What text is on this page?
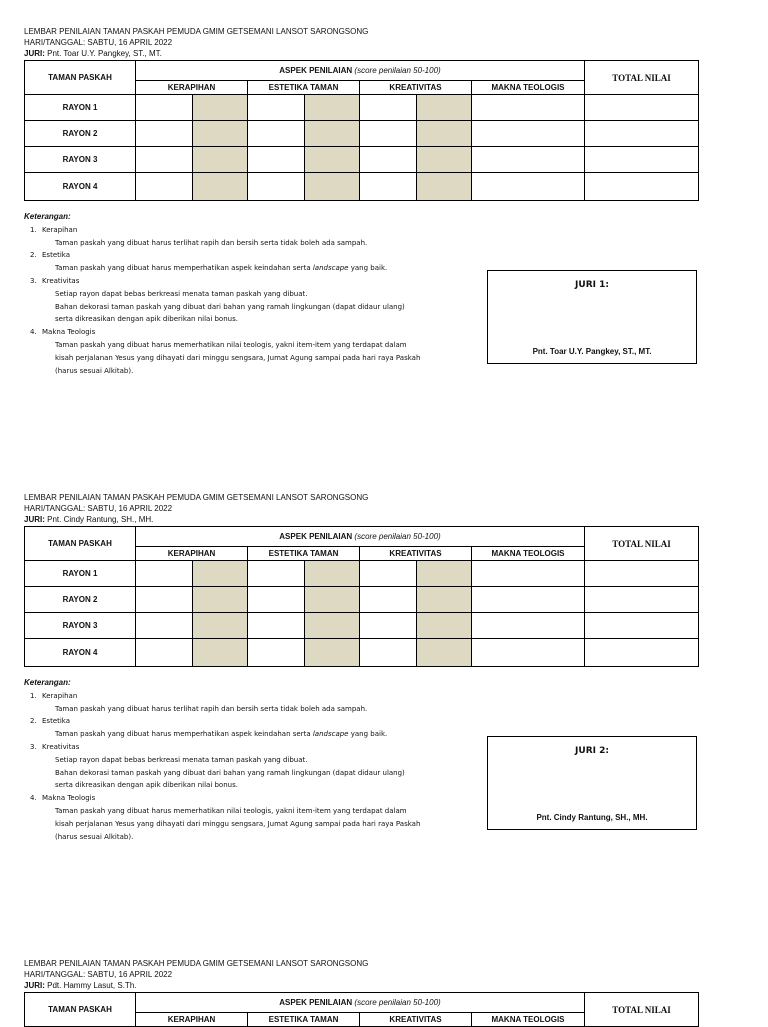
LEMBAR PENILAIAN TAMAN PASKAH PEMUDA GMIM GETSEMANI LANSOT SARONGSONG
HARI/TANGGAL: SABTU, 16 APRIL 2022
JURI: Pnt. Toar U.Y. Pangkey, ST., MT.
TAMAN PASKAH	ASPEK PENILAIAN (score penilaian 50-100)							TOTAL NILAI
	KERAPIHAN		ESTETIKA TAMAN		KREATIVITAS		MAKNA TEOLOGIS	
RAYON 1								
RAYON 2								
RAYON 3								
RAYON 4								
Keterangan:
1. Kerapihan
Taman paskah yang dibuat harus terlihat rapih dan bersih serta tidak boleh ada sampah.
2. Estetika
Taman paskah yang dibuat harus memperhatikan aspek keindahan serta landscape yang baik.
3. Kreativitas
Setiap rayon dapat bebas berkreasi menata taman paskah yang dibuat.
Bahan dekorasi taman paskah yang dibuat dari bahan yang ramah lingkungan (dapat didaur ulang)
serta dikreasikan dengan apik diberikan nilai bonus.
4. Makna Teologis
Taman paskah yang dibuat harus memerhatikan nilai teologis, yakni item-item yang terdapat dalam
kisah perjalanan Yesus yang dihayati dari minggu sengsara, Jumat Agung sampai pada hari raya Paskah
(harus sesuai Alkitab).
JURI 1:
Pnt. Toar U.Y. Pangkey, ST., MT.
LEMBAR PENILAIAN TAMAN PASKAH PEMUDA GMIM GETSEMANI LANSOT SARONGSONG
HARI/TANGGAL: SABTU, 16 APRIL 2022
JURI: Pnt. Cindy Rantung, SH., MH.
TAMAN PASKAH	ASPEK PENILAIAN (score penilaian 50-100)							TOTAL NILAI
	KERAPIHAN		ESTETIKA TAMAN		KREATIVITAS		MAKNA TEOLOGIS	
RAYON 1								
RAYON 2								
RAYON 3								
RAYON 4								
Keterangan:
1. Kerapihan
Taman paskah yang dibuat harus terlihat rapih dan bersih serta tidak boleh ada sampah.
2. Estetika
Taman paskah yang dibuat harus memperhatikan aspek keindahan serta landscape yang baik.
3. Kreativitas
Setiap rayon dapat bebas berkreasi menata taman paskah yang dibuat.
Bahan dekorasi taman paskah yang dibuat dari bahan yang ramah lingkungan (dapat didaur ulang)
serta dikreasikan dengan apik diberikan nilai bonus.
4. Makna Teologis
Taman paskah yang dibuat harus memerhatikan nilai teologis, yakni item-item yang terdapat dalam
kisah perjalanan Yesus yang dihayati dari minggu sengsara, Jumat Agung sampai pada hari raya Paskah
(harus sesuai Alkitab).
JURI 2:
Pnt. Cindy Rantung, SH., MH.
LEMBAR PENILAIAN TAMAN PASKAH PEMUDA GMIM GETSEMANI LANSOT SARONGSONG
HARI/TANGGAL: SABTU, 16 APRIL 2022
JURI: Pdt. Hammy Lasut, S.Th.
TAMAN PASKAH	ASPEK PENILAIAN (score penilaian 50-100)				TOTAL NILAI
	KERAPIHAN	ESTETIKA TAMAN	KREATIVITAS	MAKNA TEOLOGIS	
